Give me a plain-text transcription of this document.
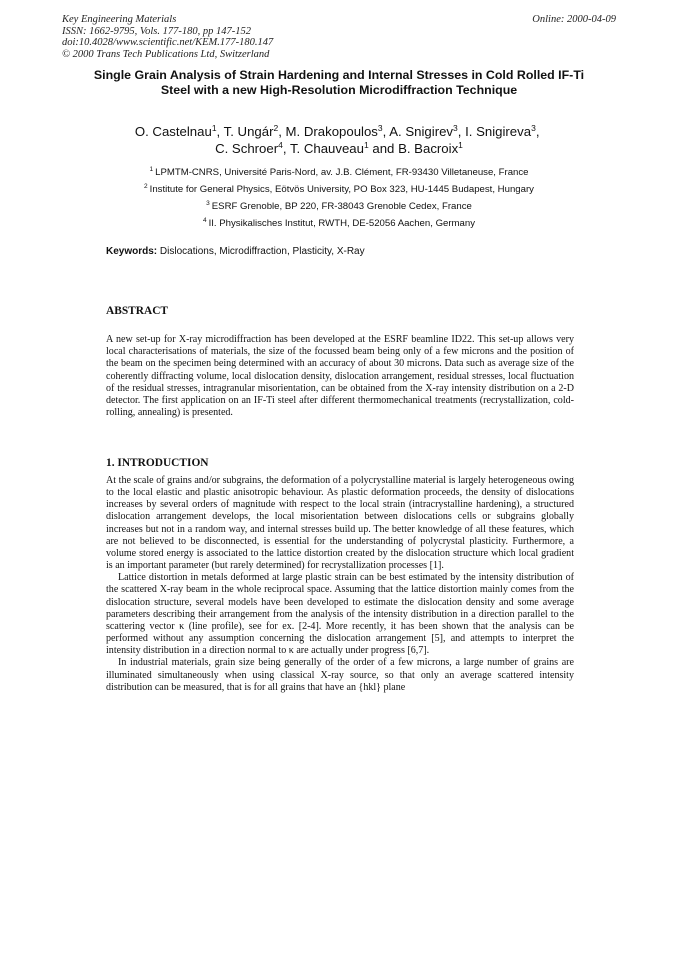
Key Engineering Materials
ISSN: 1662-9795, Vols. 177-180, pp 147-152
doi:10.4028/www.scientific.net/KEM.177-180.147
© 2000 Trans Tech Publications Ltd, Switzerland
Online: 2000-04-09
Single Grain Analysis of Strain Hardening and Internal Stresses in Cold Rolled IF-Ti Steel with a new High-Resolution Microdiffraction Technique
O. Castelnau$^1$, T. Ungár$^2$, M. Drakopoulos$^3$, A. Snigirev$^3$, I. Snigireva$^3$,
C. Schroer$^4$, T. Chauveau$^1$ and B. Bacroix$^1$
$^1$ LPMTM-CNRS, Université Paris-Nord, av. J.B. Clément, FR-93430 Villetaneuse, France
$^2$ Institute for General Physics, Eötvös University, PO Box 323, HU-1445 Budapest, Hungary
$^3$ ESRF Grenoble, BP 220, FR-38043 Grenoble Cedex, France
$^4$ II. Physikalisches Institut, RWTH, DE-52056 Aachen, Germany
Keywords: Dislocations, Microdiffraction, Plasticity, X-Ray
ABSTRACT
A new set-up for X-ray microdiffraction has been developed at the ESRF beamline ID22. This set-up allows very local characterisations of materials, the size of the focussed beam being only of a few microns and the position of the beam on the specimen being determined with an accuracy of about 30 microns. Data such as average size of the coherently diffracting volume, local dislocation density, dislocation arrangement, residual stresses, local fluctuation of the residual stresses, intragranular misorientation, can be obtained from the X-ray intensity distribution on a 2-D detector. The first application on an IF-Ti steel after different thermomechanical treatments (recrystallization, cold-rolling, annealing) is presented.
1. INTRODUCTION

At the scale of grains and/or subgrains, the deformation of a polycrystalline material is largely heterogeneous owing to the local elastic and plastic anisotropic behaviour. As plastic deformation proceeds, the density of dislocations increases by several orders of magnitude with respect to the local strain (intracrystalline hardening), a structured dislocation arrangement develops, the local misorientation between dislocations cells or subgrains globally increases but not in a random way, and internal stresses build up. The better knowledge of all these features, which are not believed to be disconnected, is essential for the understanding of polycrystal plasticity. Furthermore, a volume stored energy is associated to the lattice distortion created by the dislocation structure which local gradient is an important parameter (but rarely determined) for recrystallization processes [1].

Lattice distortion in metals deformed at large plastic strain can be best estimated by the intensity distribution of the scattered X-ray beam in the whole reciprocal space. Assuming that the lattice distortion mainly comes from the dislocation structure, several models have been developed to estimate the dislocation density and some average parameters describing their arrangement from the analysis of the intensity distribution in a direction parallel to the scattering vector κ (line profile), see for ex. [2-4]. More recently, it has been shown that the analysis can be performed without any assumption concerning the dislocation arrangement [5], and attempts to interpret the intensity distribution in a direction normal to κ are actually under progress [6,7].

In industrial materials, grain size being generally of the order of a few microns, a large number of grains are illuminated simultaneously when using classical X-ray source, so that only an average scattered intensity distribution can be measured, that is for all grains that have an {hkl} plane
